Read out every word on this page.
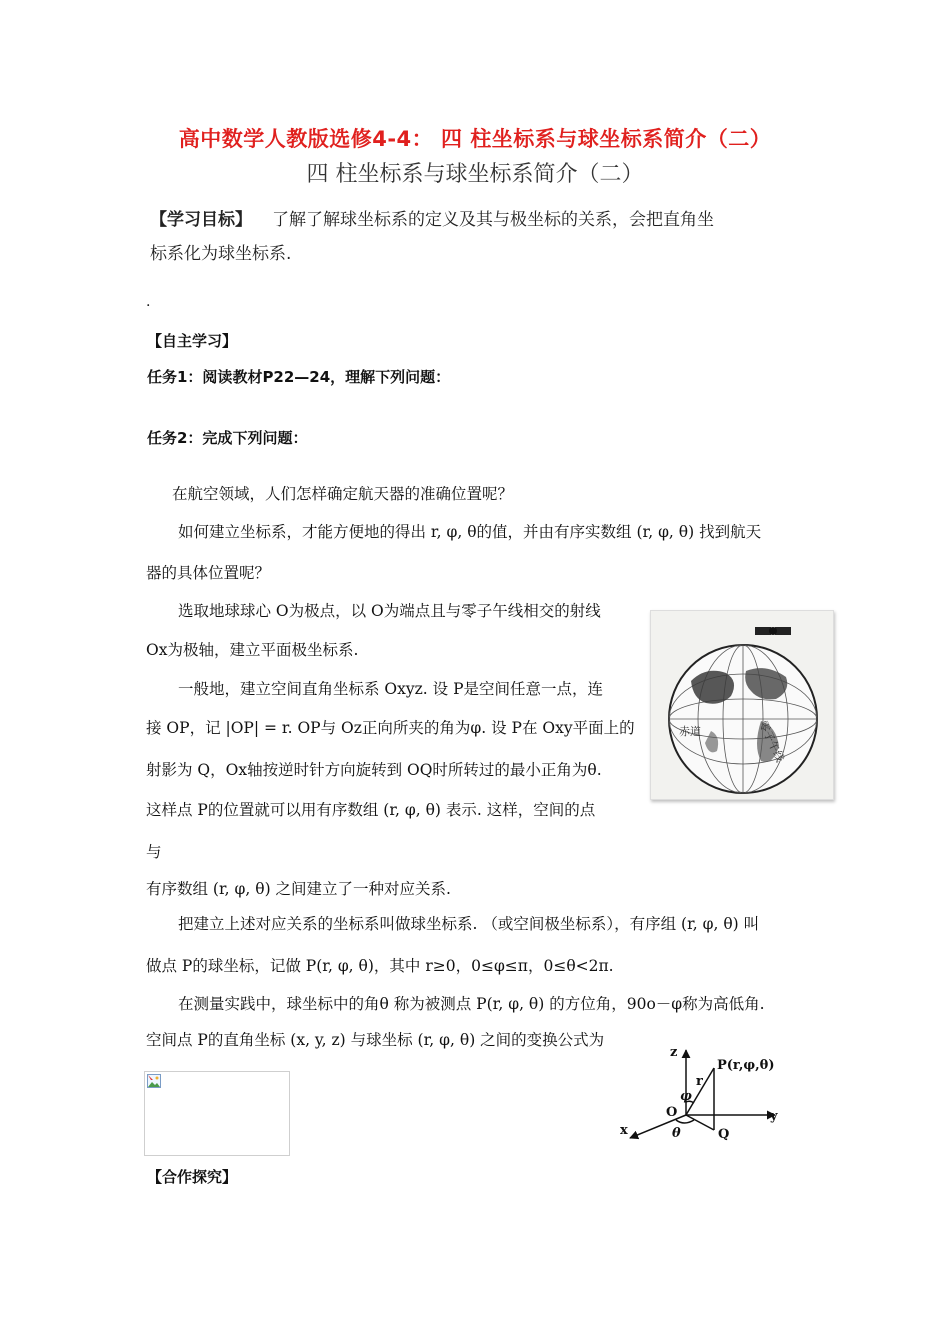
高中数学人教版选修4-4： 四 柱坐标系与球坐标系简介（二）
四 柱坐标系与球坐标系简介（二）
【学习目标】 了解了解球坐标系的定义及其与极坐标的关系，会把直角坐
标系化为球坐标系.
.
【自主学习】
任务1：阅读教材P22—24，理解下列问题：
任务2：完成下列问题：
在航空领域，人们怎样确定航天器的准确位置呢？
如何建立坐标系，才能方便地的得出 r, φ, θ的值，并由有序实数组 (r, φ, θ) 找到航天
器的具体位置呢？
选取地球球心 O为极点，以 O为端点且与零子午线相交的射线
Ox为极轴，建立平面极坐标系.
一般地，建立空间直角坐标系 Oxyz. 设 P是空间任意一点，连
接 OP，记 |OP| = r. OP与 Oz正向所夹的角为φ. 设 P在 Oxy平面上的
射影为 Q，Ox轴按逆时针方向旋转到 OQ时所转过的最小正角为θ.
这样点 P的位置就可以用有序数组 (r, φ, θ) 表示. 这样，空间的点
与
有序数组 (r, φ, θ) 之间建立了一种对应关系.
把建立上述对应关系的坐标系叫做球坐标系. （或空间极坐标系），有序组 (r, φ, θ) 叫
做点 P的球坐标，记做 P(r, φ, θ)，其中 r≥0，0≤φ≤π，0≤θ<2π.
在测量实践中，球坐标中的角θ 称为被测点 P(r, φ, θ) 的方位角，90o－φ称为高低角.
空间点 P的直角坐标 (x, y, z) 与球坐标 (r, φ, θ) 之间的变换公式为
赤道	零子午线
z
P(r,φ,θ)
r
φ
O	y
x	θ	Q
【合作探究】
